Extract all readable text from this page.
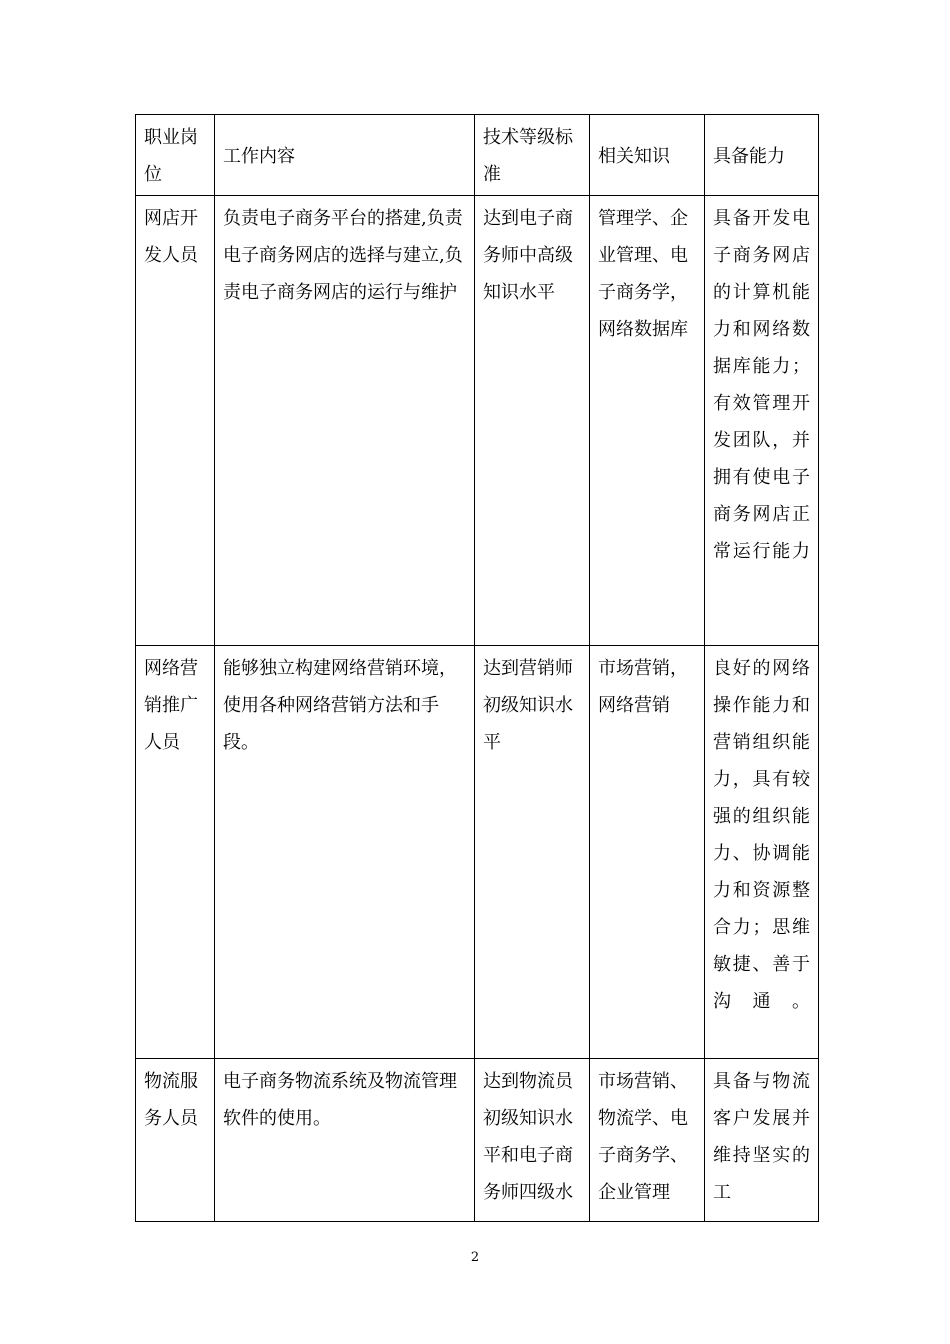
职业岗位	工作内容	技术等级标准	相关知识	具备能力
网店开发人员	负责电子商务平台的搭建,负责电子商务网店的选择与建立,负责电子商务网店的运行与维护	达到电子商务师中高级知识水平	管理学、企业管理、电子商务学，网络数据库	具备开发电子商务网店的计算机能力和网络数据库能力；有效管理开发团队，并拥有使电子商务网店正常运行能力
网络营销推广人员	能够独立构建网络营销环境，使用各种网络营销方法和手段。	达到营销师初级知识水平	市场营销，网络营销	良好的网络操作能力和营销组织能力，具有较强的组织能力、协调能力和资源整合力；思维敏捷、善于沟通。
物流服务人员	电子商务物流系统及物流管理软件的使用。	达到物流员初级知识水平和电子商务师四级水	市场营销、物流学、电子商务学、企业管理	具备与物流客户发展并维持坚实的工
2
